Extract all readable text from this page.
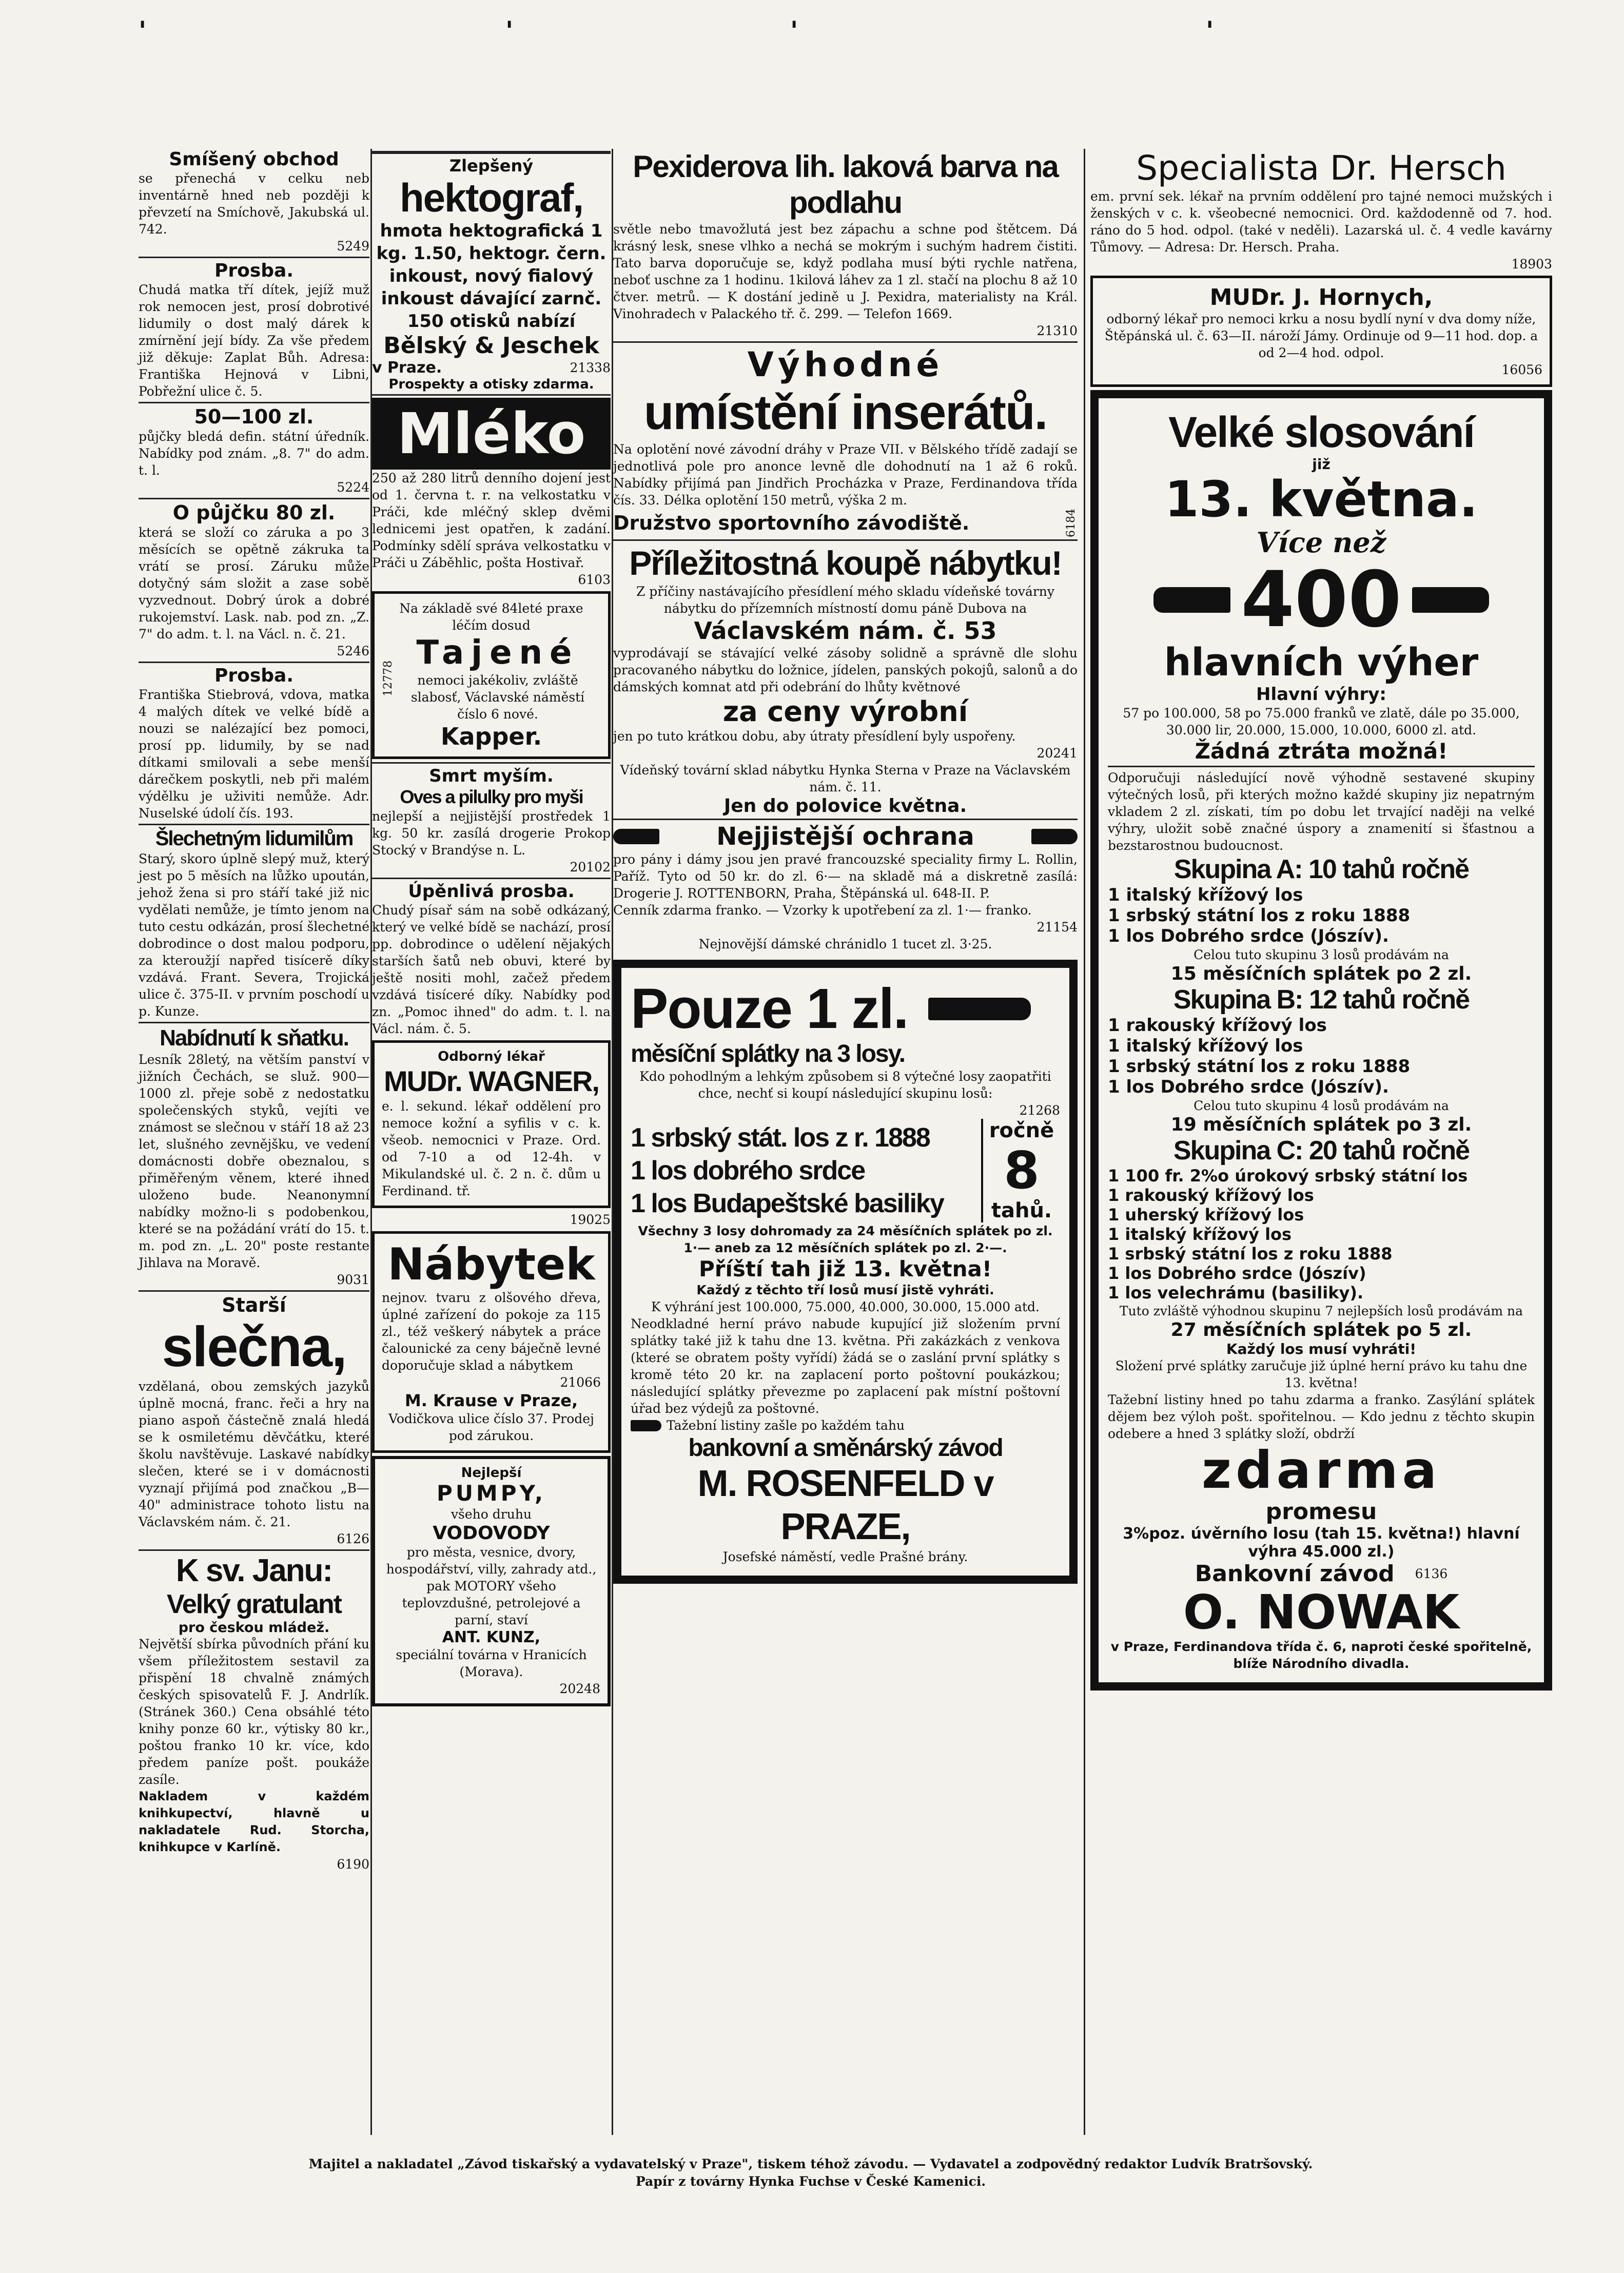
'	'	'	'

Smíšený obchod

se přenechá v celku neb inventárně hned neb později k převzetí na Smíchově, Jakubská ul. 742.

5249

Prosba.

Chudá matka tří dítek, jejíž muž rok nemocen jest, prosí dobrotivé lidumily o dost malý dárek k zmírnění její bídy. Za vše předem již děkuje: Zaplat Bůh. Adresa: Františka Hejnová v Libni, Pobřežní ulice č. 5.

50—100 zl.

půjčky bledá defin. státní úředník. Nabídky pod znám. „8. 7" do adm. t. l.

5224

O půjčku 80 zl.

která se složí co záruka a po 3 měsících se opětně zákruka ta vrátí se prosí. Záruku může dotyčný sám složit a zase sobě vyzvednout. Dobrý úrok a dobré rukojemství. Lask. nab. pod zn. „Z. 7" do adm. t. l. na Václ. n. č. 21.

5246

Prosba.

Františka Stiebrová, vdova, matka 4 malých dítek ve velké bídě a nouzi se nalézající bez pomoci, prosí pp. lidumily, by se nad dítkami smilovali a sebe menší dárečkem poskytli, neb při malém výdělku je uživiti nemůže. Adr. Nuselské údolí čís. 193.

Šlechetným lidumilům

Starý, skoro úplně slepý muž, který jest po 5 měsích na lůžko upoután, jehož žena si pro stáří také již nic vydělati nemůže, je tímto jenom na tuto cestu odkázán, prosí šlechetné dobrodince o dost malou podporu, za kteroužjí napřed tisícerě díky vzdává. Frant. Severa, Trojická ulice č. 375-II. v prvním poschodí u p. Kunze.

Nabídnutí k sňatku.

Lesník 28letý, na větším panství v jižních Čechách, se služ. 900—1000 zl. přeje sobě z nedostatku společenských styků, vejíti ve známost se slečnou v stáří 18 až 23 let, slušného zevnějšku, ve vedení domácnosti dobře obeznalou, s přiměřeným věnem, které ihned uloženo bude. Neanonymní nabídky možno-li s podobenkou, které se na požádání vrátí do 15. t. m. pod zn. „L. 20" poste restante Jihlava na Moravě.

9031

Starší

slečna,

vzdělaná, obou zemských jazyků úplně mocná, franc. řeči a hry na piano aspoň částečně znalá hledá se k osmiletému děvčátku, které školu navštěvuje. Laskavé nabídky slečen, které se i v domácnosti vyznají přijímá pod značkou „B—40" administrace tohoto listu na Václavském nám. č. 21.

6126

K sv. Janu:

Velký gratulant

pro českou mládež.

Největší sbírka původních přání ku všem příležitostem sestavil za přispění 18 chvalně známých českých spisovatelů F. J. Andrlík. (Stránek 360.) Cena obsáhlé této knihy ponze 60 kr., výtisky 80 kr., poštou franko 10 kr. více, kdo předem paníze pošt. poukáže zasíle.

Nakladem v každém knihkupectví, hlavně u nakladatele Rud. Storcha, knihkupce v Karlíně.

6190

Zlepšený

hektograf,

hmota hektografická 1 kg. 1.50, hektogr. čern. inkoust, nový fialový inkoust dávající zarnč. 150 otisků nabízí

Bělský & Jeschek

v Praze.	21338

Prospekty a otisky zdarma.

Mléko

250 až 280 litrů denního dojení jest od 1. června t. r. na velkostatku v Práči, kde mléčný sklep dvěmi lednicemi jest opatřen, k zadání. Podmínky sdělí správa velkostatku v Práči u Záběhlic, pošta Hostivař.

6103

Na základě své 84leté praxe léčím dosud

12778

Tajené

nemoci jakékoliv, zvláště slabosť, Václavské náměstí číslo 6 nové.

Kapper.

Smrt myším.

Oves a pilulky pro myši

nejlepší a nejjistější prostředek 1 kg. 50 kr. zasílá drogerie Prokop Stocký v Brandýse n. L.

20102

Úpěnlivá prosba.

Chudý písař sám na sobě odkázaný, který ve velké bídě se nachází, prosí pp. dobrodince o udělení nějakých starších šatů neb obuvi, které by ještě nositi mohl, začež předem vzdává tisíceré díky. Nabídky pod zn. „Pomoc ihned" do adm. t. l. na Václ. nám. č. 5.

Odborný lékař

MUDr. WAGNER,

e. l. sekund. lékař oddělení pro nemoce kožní a syfilis v c. k. všeob. nemocnici v Praze. Ord. od 7-10 a od 12-4h. v Mikulandské ul. č. 2 n. č. dům u Ferdinand. tř.

19025

Nábytek

nejnov. tvaru z olšového dřeva, úplné zařízení do pokoje za 115 zl., též veškerý nábytek a práce čalounické za ceny báječně levné doporučuje sklad a nábytkem

21066

M. Krause v Praze,

Vodičkova ulice číslo 37. Prodej pod zárukou.

Nejlepší

PUMPY,

všeho druhu

VODOVODY

pro města, vesnice, dvory, hospodářství, villy, zahrady atd., pak MOTORY všeho teplovzdušné, petrolejové a parní, staví

ANT. KUNZ,

speciální továrna v Hranicích (Morava).

20248

Pexiderova lih. laková barva na podlahu

světle nebo tmavožlutá jest bez zápachu a schne pod štětcem. Dá krásný lesk, snese vlhko a nechá se mokrým i suchým hadrem čistiti. Tato barva doporučuje se, když podlaha musí býti rychle natřena, neboť uschne za 1 hodinu. 1kilová láhev za 1 zl. stačí na plochu 8 až 10 čtver. metrů. — K dostání jedině u J. Pexidra, materialisty na Král. Vinohradech v Palackého tř. č. 299. — Telefon 1669.

21310

Výhodné

umístění inserátů.

Na oplotění nové závodní dráhy v Praze VII. v Bělského třídě zadají se jednotlivá pole pro anonce levně dle dohodnutí na 1 až 6 roků. Nabídky přijímá pan Jindřich Procházka v Praze, Ferdinandova třída čís. 33. Délka oplotění 150 metrů, výška 2 m.

Družstvo sportovního závodiště.	6184

Příležitostná koupě nábytku!

Z příčiny nastávajícího přesídlení mého skladu vídeňské továrny nábytku do přízemních místností domu páně Dubova na

Václavském nám. č. 53

vyprodávají se stávající velké zásoby solidně a správně dle slohu pracovaného nábytku do ložnice, jídelen, panských pokojů, salonů a do dámských komnat atd při odebrání do lhůty květnové

za ceny výrobní

jen po tuto krátkou dobu, aby útraty přesídlení byly uspořeny.

20241

Vídeňský tovární sklad nábytku Hynka Sterna v Praze na Václavském nám. č. 11.

Jen do polovice května.

Nejjistější ochrana

pro pány i dámy jsou jen pravé francouzské speciality firmy L. Rollin, Paříž. Tyto od 50 kr. do zl. 6·— na skladě má a diskretně zasílá: Drogerie J. ROTTENBORN, Praha, Štěpánská ul. 648-II. P.

Cenník zdarma franko. — Vzorky k upotřebení za zl. 1·— franko.

21154

Nejnovější dámské chránidlo 1 tucet zl. 3·25.

Pouze 1 zl.

měsíční splátky na 3 losy.

Kdo pohodlným a lehkým způsobem si 8 výtečné losy zaopatřiti chce, nechť si koupí následující skupinu losů:

21268

1 srbský stát. los z r. 1888

1 los dobrého srdce

1 los Budapeštské basiliky

ročně

8

tahů.

Všechny 3 losy dohromady za 24 měsíčních splátek po zl. 1·— aneb za 12 měsíčních splátek po zl. 2·—.

Příští tah již 13. května!

Každý z těchto tří losů musí jistě vyhráti.

K výhrání jest 100.000, 75.000, 40.000, 30.000, 15.000 atd.

Neodkladné herní právo nabude kupující již složením první splátky také již k tahu dne 13. května. Při zakázkách z venkova (které se obratem pošty vyřídí) žádá se o zaslání první splátky s kromě této 20 kr. na zaplacení porto poštovní poukázkou; následující splátky převezme po zaplacení pak místní poštovní úřad bez výdejů za poštovné.

Tažební listiny zašle po každém tahu

bankovní a směnárský závod

M. ROSENFELD v PRAZE,

Josefské náměstí, vedle Prašné brány.

Specialista Dr. Hersch

em. první sek. lékař na prvním oddělení pro tajné nemoci mužských i ženských v c. k. všeobecné nemocnici. Ord. každodenně od 7. hod. ráno do 5 hod. odpol. (také v neděli). Lazarská ul. č. 4 vedle kavárny Tůmovy. — Adresa: Dr. Hersch. Praha.

18903

MUDr. J. Hornych,

odborný lékař pro nemoci krku a nosu bydlí nyní v dva domy níže, Štěpánská ul. č. 63—II. nároží Jámy. Ordinuje od 9—11 hod. dop. a od 2—4 hod. odpol.

16056

Velké slosování

již

13. května.

Více než

400

hlavních výher

Hlavní výhry:

57 po 100.000, 58 po 75.000 franků ve zlatě, dále po 35.000, 30.000 lir, 20.000, 15.000, 10.000, 6000 zl. atd.

Žádná ztráta možná!

Odporučuji následující nově výhodně sestavené skupiny výtečných losů, při kterých možno každé skupiny jiz nepatrným vkladem 2 zl. získati, tím po dobu let trvající naději na velké výhry, uložit sobě značné úspory a znamenití si šťastnou a bezstarostnou budoucnost.

Skupina A: 10 tahů ročně

1 italský křížový los

1 srbský státní los z roku 1888

1 los Dobrého srdce (Jószív).

Celou tuto skupinu 3 losů prodávám na

15 měsíčních splátek po 2 zl.

Skupina B: 12 tahů ročně

1 rakouský křížový los

1 italský křížový los

1 srbský státní los z roku 1888

1 los Dobrého srdce (Jószív).

Celou tuto skupinu 4 losů prodávám na

19 měsíčních splátek po 3 zl.

Skupina C: 20 tahů ročně

1 100 fr. 2%o úrokový srbský státní los

1 rakouský křížový los

1 uherský křížový los

1 italský křížový los

1 srbský státní los z roku 1888

1 los Dobrého srdce (Jószív)

1 los velechrámu (basiliky).

Tuto zvláště výhodnou skupinu 7 nejlepších losů prodávám na

27 měsíčních splátek po 5 zl.

Každý los musí vyhráti!

Složení prvé splátky zaručuje již úplné herní právo ku tahu dne 13. května!

Tažební listiny hned po tahu zdarma a franko. Zasýlání splátek dějem bez výloh pošt. spořitelnou. — Kdo jednu z těchto skupin odebere a hned 3 splátky složí, obdrží

zdarma

promesu

3%poz. úvěrního losu (tah 15. května!) hlavní výhra 45.000 zl.)

Bankovní závod 6136

O. NOWAK

v Praze, Ferdinandova třída č. 6, naproti české spořitelně, blíže Národního divadla.

Majitel a nakladatel „Závod tiskařský a vydavatelský v Praze", tiskem téhož závodu. — Vydavatel a zodpovědný redaktor Ludvík Bratršovský.

Papír z továrny Hynka Fuchse v České Kamenici.
